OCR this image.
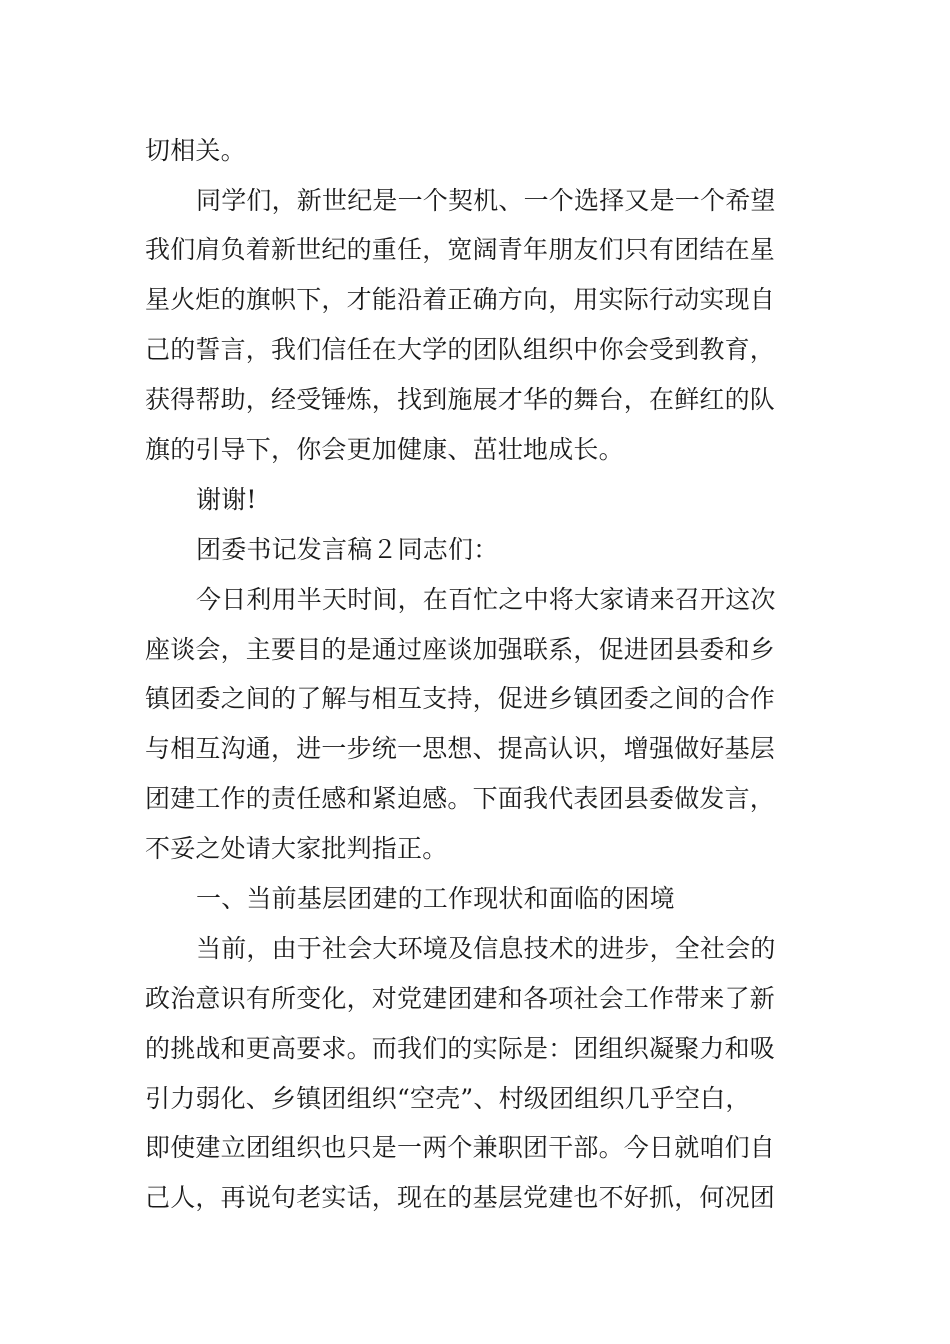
切相关。
同学们，新世纪是一个契机、一个选择又是一个希望
我们肩负着新世纪的重任，宽阔青年朋友们只有团结在星
星火炬的旗帜下，才能沿着正确方向，用实际行动实现自
己的誓言，我们信任在大学的团队组织中你会受到教育，
获得帮助，经受锤炼，找到施展才华的舞台，在鲜红的队
旗的引导下，你会更加健康、茁壮地成长。
谢谢!
团委书记发言稿２同志们：
今日利用半天时间，在百忙之中将大家请来召开这次
座谈会，主要目的是通过座谈加强联系，促进团县委和乡
镇团委之间的了解与相互支持，促进乡镇团委之间的合作
与相互沟通，进一步统一思想、提高认识，增强做好基层
团建工作的责任感和紧迫感。下面我代表团县委做发言，
不妥之处请大家批判指正。
一、当前基层团建的工作现状和面临的困境
当前，由于社会大环境及信息技术的进步，全社会的
政治意识有所变化，对党建团建和各项社会工作带来了新
的挑战和更高要求。而我们的实际是：团组织凝聚力和吸
引力弱化、乡镇团组织“空壳”、村级团组织几乎空白，
即使建立团组织也只是一两个兼职团干部。今日就咱们自
己人，再说句老实话，现在的基层党建也不好抓，何况团
